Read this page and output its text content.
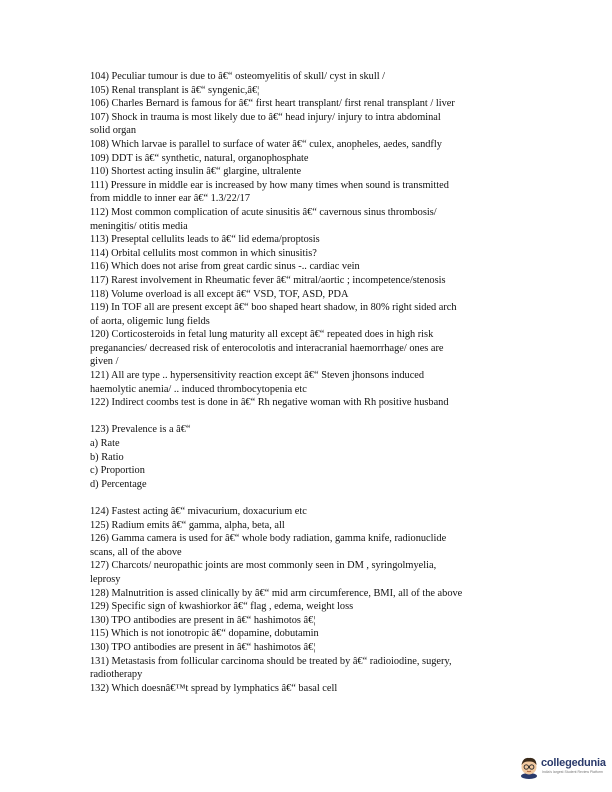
104) Peculiar tumour is due to â€“ osteomyelitis of skull/ cyst in skull /
105) Renal transplant is â€“ syngenic,â€¦
106) Charles Bernard is famous for â€“ first heart transplant/ first renal transplant / liver
107) Shock in trauma is most likely due to â€“ head injury/ injury to intra abdominal
solid organ
108) Which larvae is parallel to surface of water â€“ culex, anopheles, aedes, sandfly
109) DDT is â€“ synthetic, natural, organophosphate
110) Shortest acting insulin â€“ glargine, ultralente
111) Pressure in middle ear is increased by how many times when sound is transmitted
from middle to inner ear â€“ 1.3/22/17
112) Most common complication of acute sinusitis â€“ cavernous sinus thrombosis/
meningitis/ otitis media
113) Preseptal cellulits leads to â€“ lid edema/proptosis
114) Orbital cellulits most common in which sinusitis?
116) Which does not arise from great cardic sinus -.. cardiac vein
117) Rarest involvement in Rheumatic fever â€“ mitral/aortic ; incompetence/stenosis
118) Volume overload is all except â€“ VSD, TOF, ASD, PDA
119) In TOF all are present except â€“ boo shaped heart shadow, in 80% right sided arch
of aorta, oligemic lung fields
120) Corticosteroids in fetal lung maturity all except â€“ repeated does in high risk
preganancies/ decreased risk of enterocolotis and interacranial haemorrhage/ ones are
given /
121) All are type .. hypersensitivity reaction except â€“ Steven jhonsons induced
haemolytic anemia/ .. induced thrombocytopenia etc
122) Indirect coombs test is done in â€“ Rh negative woman with Rh positive husband
123) Prevalence is a â€“
a) Rate
b) Ratio
c) Proportion
d) Percentage
124) Fastest acting â€“ mivacurium, doxacurium etc
125) Radium emits â€“ gamma, alpha, beta, all
126) Gamma camera is used for â€“ whole body radiation, gamma knife, radionuclide
scans, all of the above
127) Charcots/ neuropathic joints are most commonly seen in DM , syringolmyelia,
leprosy
128) Malnutrition is assed clinically by â€“ mid arm circumference, BMI, all of the above
129) Specific sign of kwashiorkor â€“ flag , edema, weight loss
130) TPO antibodies are present in â€“ hashimotos â€¦
115) Which is not ionotropic â€“ dopamine, dobutamin
130) TPO antibodies are present in â€“ hashimotos â€¦
131) Metastasis from follicular carcinoma should be treated by â€“ radioiodine, sugery,
radiotherapy
132) Which doesnâ€™t spread by lymphatics â€“ basal cell
collegedunia
India's largest Student Review Platform
